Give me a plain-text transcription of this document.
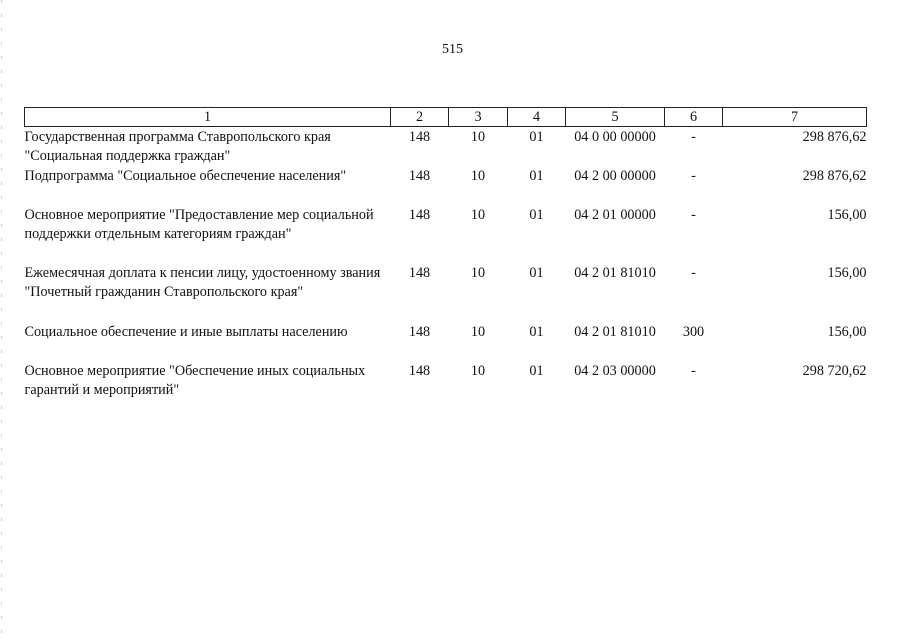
515
1	2	3	4	5	6	7
Государственная программа Ставропольского края "Социальная поддержка граждан"	148	10	01	04 0 00 00000	-	298 876,62
Подпрограмма "Социальное обеспечение населения"	148	10	01	04 2 00 00000	-	298 876,62
Основное мероприятие "Предоставление мер социальной поддержки отдельным категориям граждан"	148	10	01	04 2 01 00000	-	156,00
Ежемесячная доплата к пенсии лицу, удостоенному звания "Почетный гражданин Ставропольского края"	148	10	01	04 2 01 81010	-	156,00
Социальное обеспечение и иные выплаты населению	148	10	01	04 2 01 81010	300	156,00
Основное мероприятие "Обеспечение иных социальных гарантий и мероприятий"	148	10	01	04 2 03 00000	-	298 720,62
